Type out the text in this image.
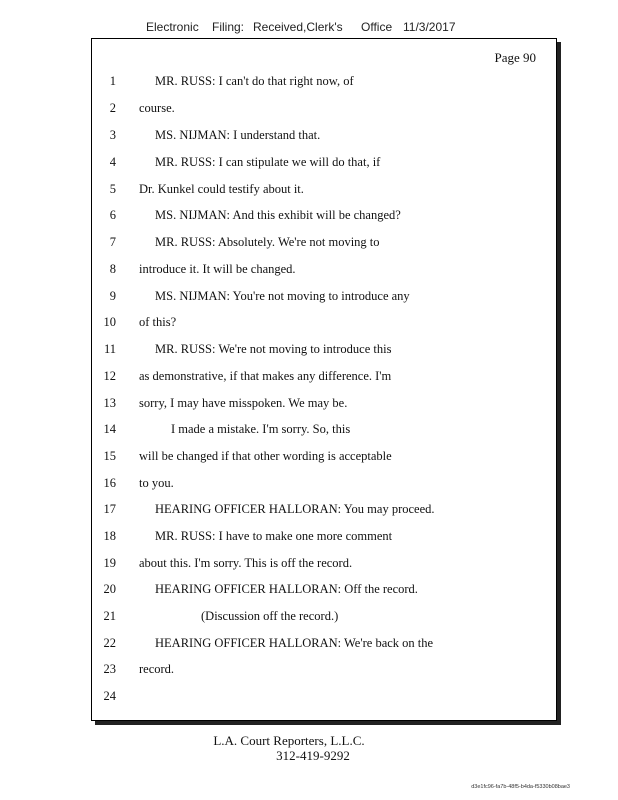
Electronic Filing: Received,Clerk's Office 11/3/2017
Page 90
1	MR. RUSS: I can't do that right now, of
2 course.
3	MS. NIJMAN: I understand that.
4	MR. RUSS: I can stipulate we will do that, if
5 Dr. Kunkel could testify about it.
6	MS. NIJMAN: And this exhibit will be changed?
7	MR. RUSS: Absolutely. We're not moving to
8 introduce it. It will be changed.
9	MS. NIJMAN: You're not moving to introduce any
10 of this?
11	MR. RUSS: We're not moving to introduce this
12 as demonstrative, if that makes any difference. I'm
13 sorry, I may have misspoken. We may be.
14	I made a mistake. I'm sorry. So, this
15 will be changed if that other wording is acceptable
16 to you.
17	HEARING OFFICER HALLORAN: You may proceed.
18	MR. RUSS: I have to make one more comment
19 about this. I'm sorry. This is off the record.
20	HEARING OFFICER HALLORAN: Off the record.
21	(Discussion off the record.)
22	HEARING OFFICER HALLORAN: We're back on the
23 record.
24
L.A. Court Reporters, L.L.C.
312-419-9292
d3e1fc96-fa7b-48f5-b4da-f5330b08bae3
